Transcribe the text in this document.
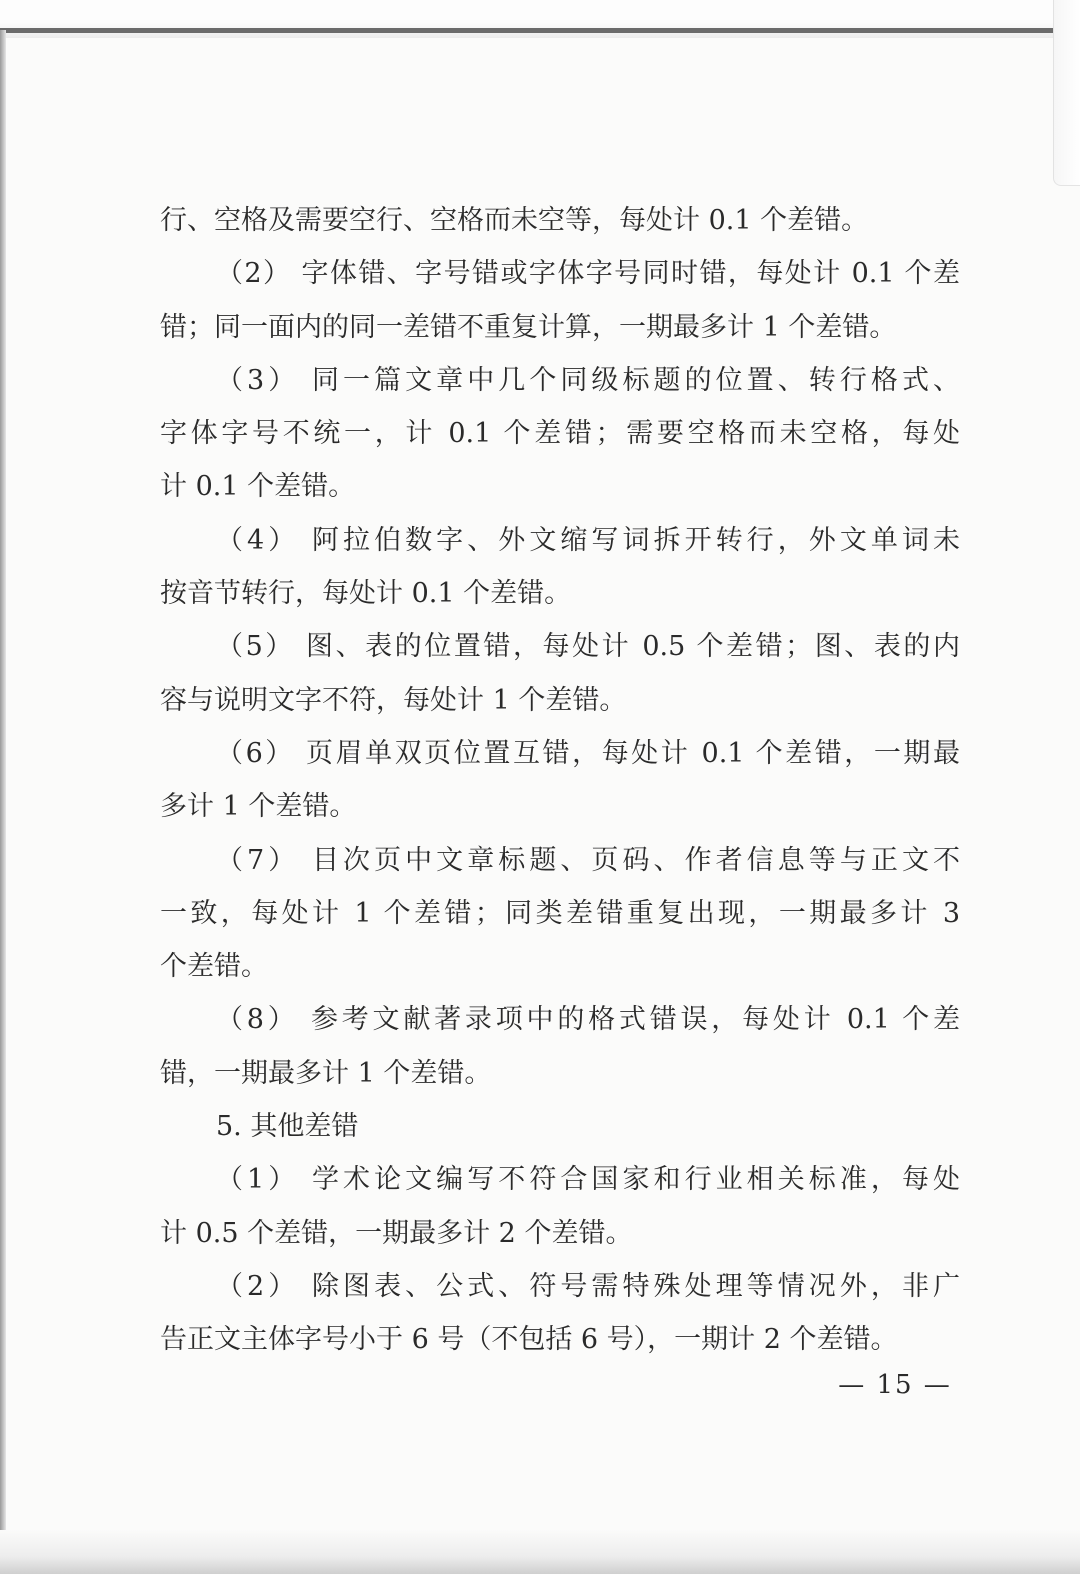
行、空格及需要空行、空格而未空等，每处计 0.1 个差错。
（2） 字体错、字号错或字体字号同时错，每处计 0.1 个差
错；同一面内的同一差错不重复计算，一期最多计 1 个差错。
（3） 同一篇文章中几个同级标题的位置、转行格式、
字体字号不统一，计 0.1 个差错；需要空格而未空格，每处
计 0.1 个差错。
（4） 阿拉伯数字、外文缩写词拆开转行，外文单词未
按音节转行，每处计 0.1 个差错。
（5） 图、表的位置错，每处计 0.5 个差错；图、表的内
容与说明文字不符，每处计 1 个差错。
（6） 页眉单双页位置互错，每处计 0.1 个差错，一期最
多计 1 个差错。
（7） 目次页中文章标题、页码、作者信息等与正文不
一致，每处计 1 个差错；同类差错重复出现，一期最多计 3
个差错。
（8） 参考文献著录项中的格式错误，每处计 0.1 个差
错，一期最多计 1 个差错。
5. 其他差错
（1） 学术论文编写不符合国家和行业相关标准，每处
计 0.5 个差错，一期最多计 2 个差错。
（2） 除图表、公式、符号需特殊处理等情况外，非广
告正文主体字号小于 6 号（不包括 6 号），一期计 2 个差错。
— 15 —
